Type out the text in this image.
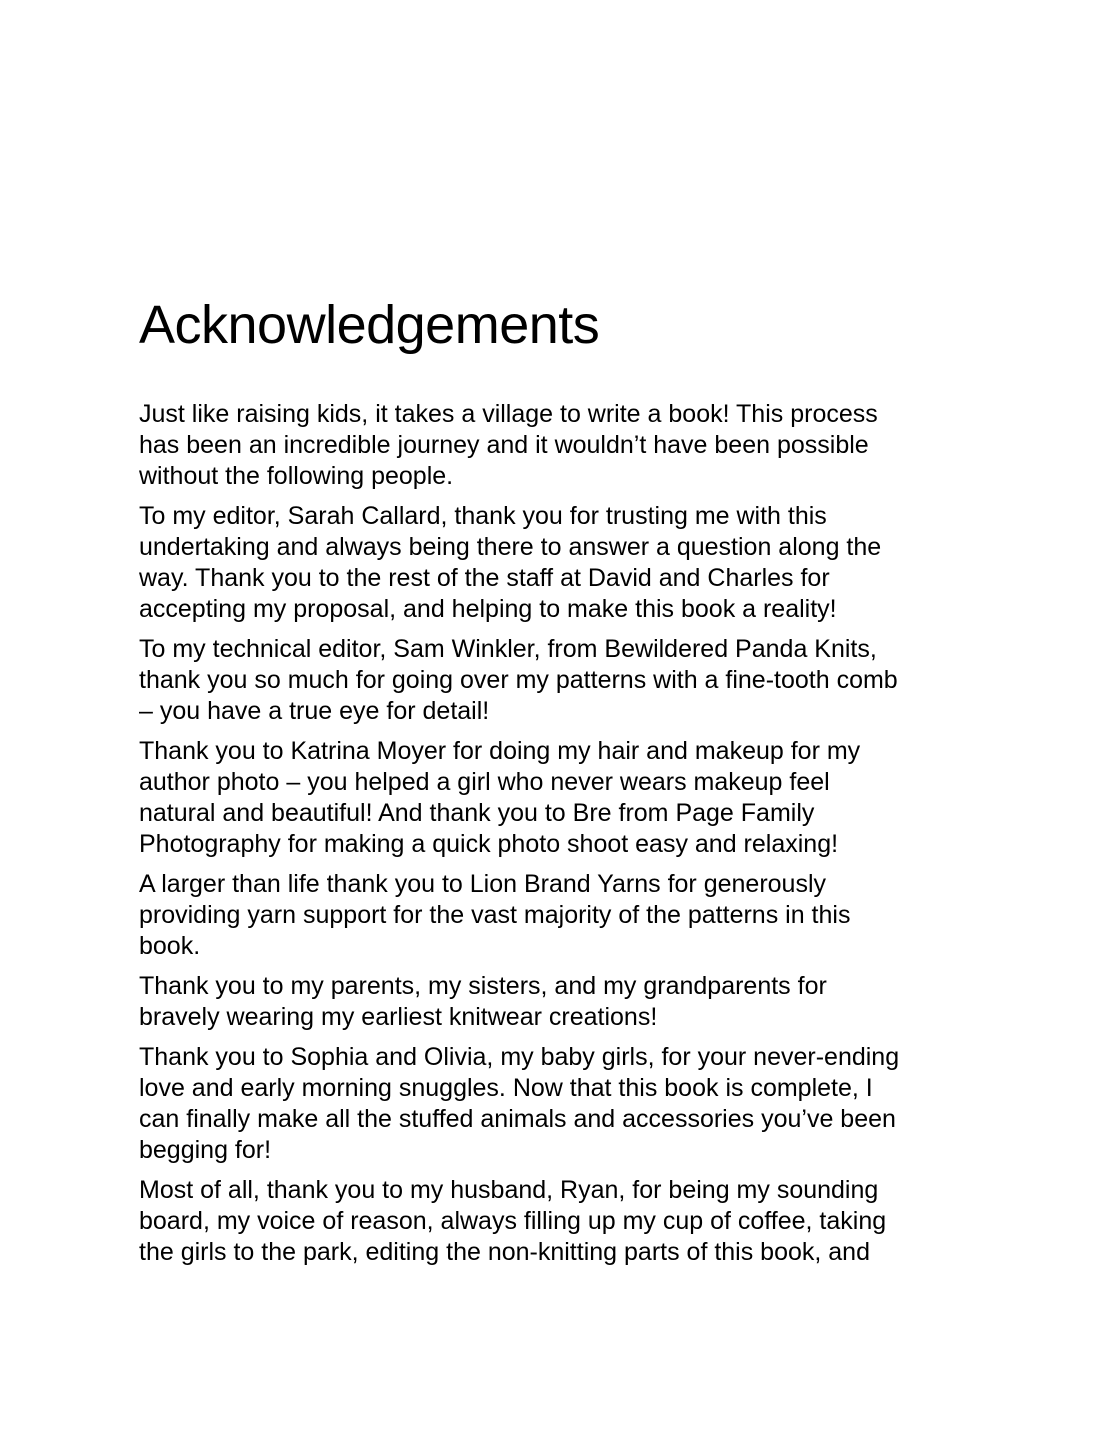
Acknowledgements

Just like raising kids, it takes a village to write a book! This process
has been an incredible journey and it wouldn’t have been possible
without the following people.

To my editor, Sarah Callard, thank you for trusting me with this
undertaking and always being there to answer a question along the
way. Thank you to the rest of the staff at David and Charles for
accepting my proposal, and helping to make this book a reality!

To my technical editor, Sam Winkler, from Bewildered Panda Knits,
thank you so much for going over my patterns with a fine-tooth comb
– you have a true eye for detail!

Thank you to Katrina Moyer for doing my hair and makeup for my
author photo – you helped a girl who never wears makeup feel
natural and beautiful! And thank you to Bre from Page Family
Photography for making a quick photo shoot easy and relaxing!

A larger than life thank you to Lion Brand Yarns for generously
providing yarn support for the vast majority of the patterns in this
book.

Thank you to my parents, my sisters, and my grandparents for
bravely wearing my earliest knitwear creations!

Thank you to Sophia and Olivia, my baby girls, for your never-ending
love and early morning snuggles. Now that this book is complete, I
can finally make all the stuffed animals and accessories you’ve been
begging for!

Most of all, thank you to my husband, Ryan, for being my sounding
board, my voice of reason, always filling up my cup of coffee, taking
the girls to the park, editing the non-knitting parts of this book, and
